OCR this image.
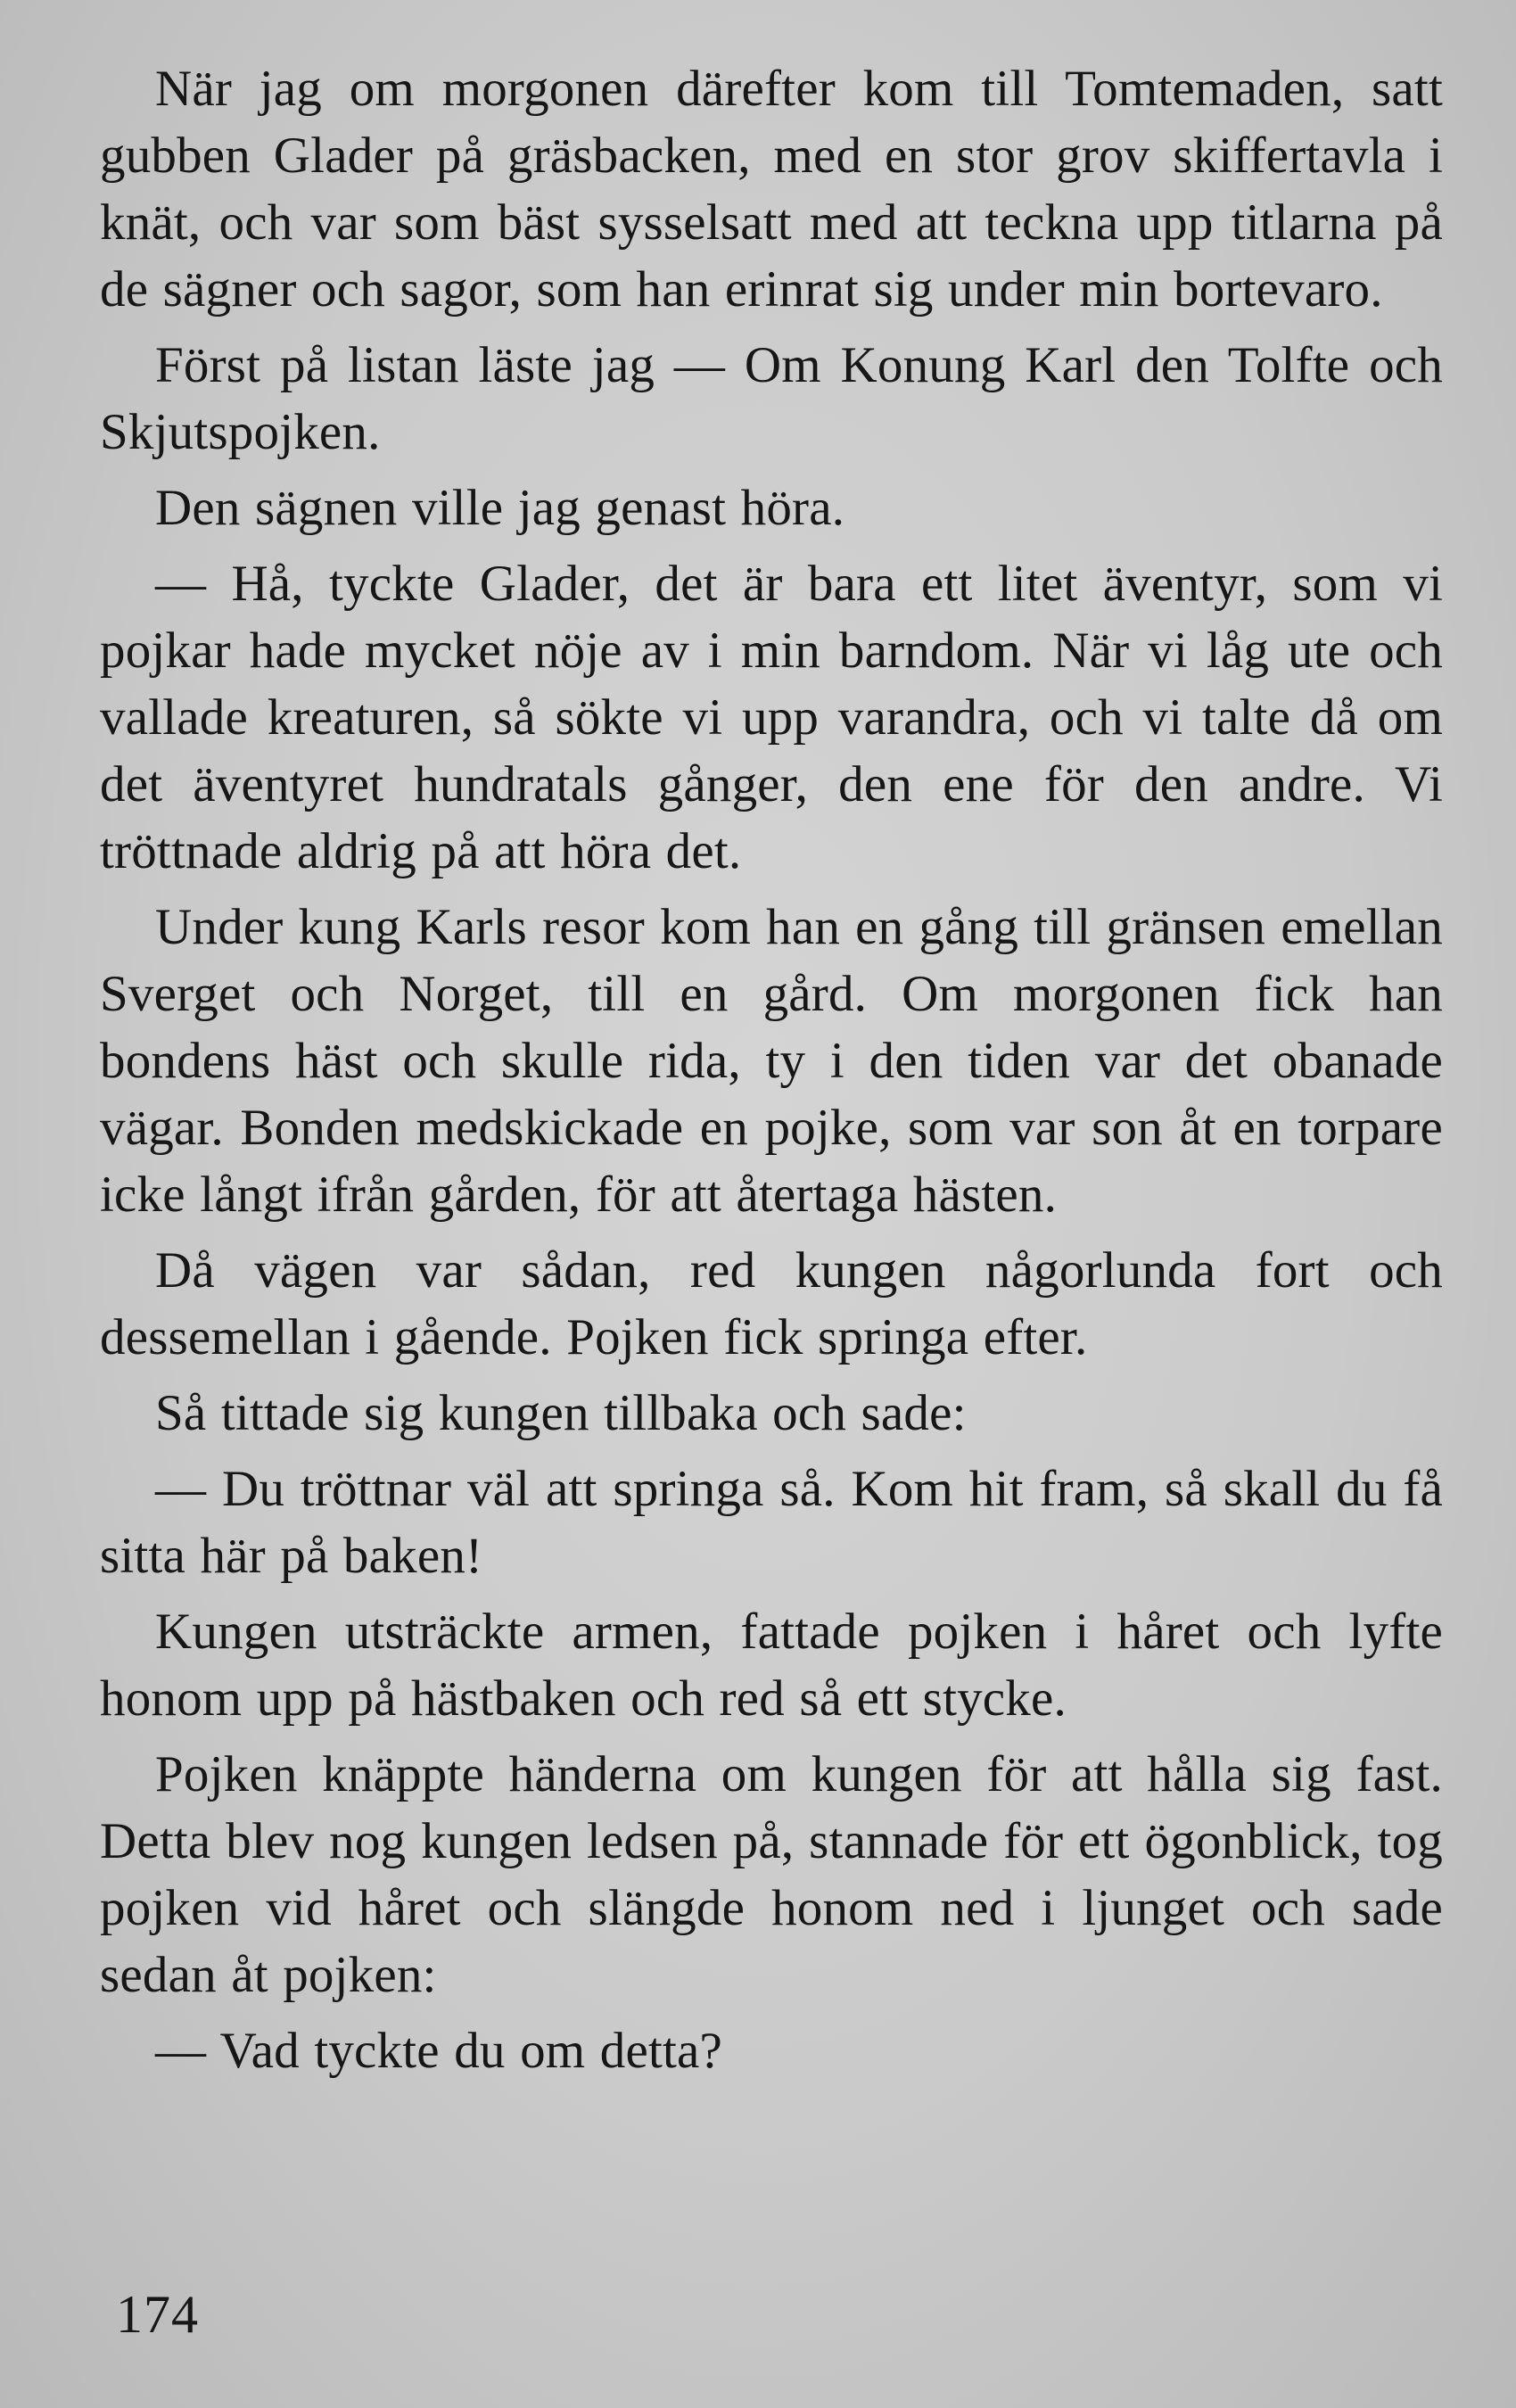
När jag om morgonen därefter kom till Tomtemaden, satt gubben Glader på gräsbacken, med en stor grov skiffertavla i knät, och var som bäst sysselsatt med att teckna upp titlarna på de sägner och sagor, som han erinrat sig under min bortevaro.

Först på listan läste jag — Om Konung Karl den Tolfte och Skjutspojken.

Den sägnen ville jag genast höra.

— Hå, tyckte Glader, det är bara ett litet äventyr, som vi pojkar hade mycket nöje av i min barndom. När vi låg ute och vallade kreaturen, så sökte vi upp varandra, och vi talte då om det äventyret hundratals gånger, den ene för den andre. Vi tröttnade aldrig på att höra det.

Under kung Karls resor kom han en gång till gränsen emellan Sverget och Norget, till en gård. Om morgonen fick han bondens häst och skulle rida, ty i den tiden var det obanade vägar. Bonden medskickade en pojke, som var son åt en torpare icke långt ifrån gården, för att återtaga hästen.

Då vägen var sådan, red kungen någorlunda fort och dessemellan i gående. Pojken fick springa efter.

Så tittade sig kungen tillbaka och sade:

— Du tröttnar väl att springa så. Kom hit fram, så skall du få sitta här på baken!

Kungen utsträckte armen, fattade pojken i håret och lyfte honom upp på hästbaken och red så ett stycke.

Pojken knäppte händerna om kungen för att hålla sig fast. Detta blev nog kungen ledsen på, stannade för ett ögonblick, tog pojken vid håret och slängde honom ned i ljunget och sade sedan åt pojken:

— Vad tyckte du om detta?

174
